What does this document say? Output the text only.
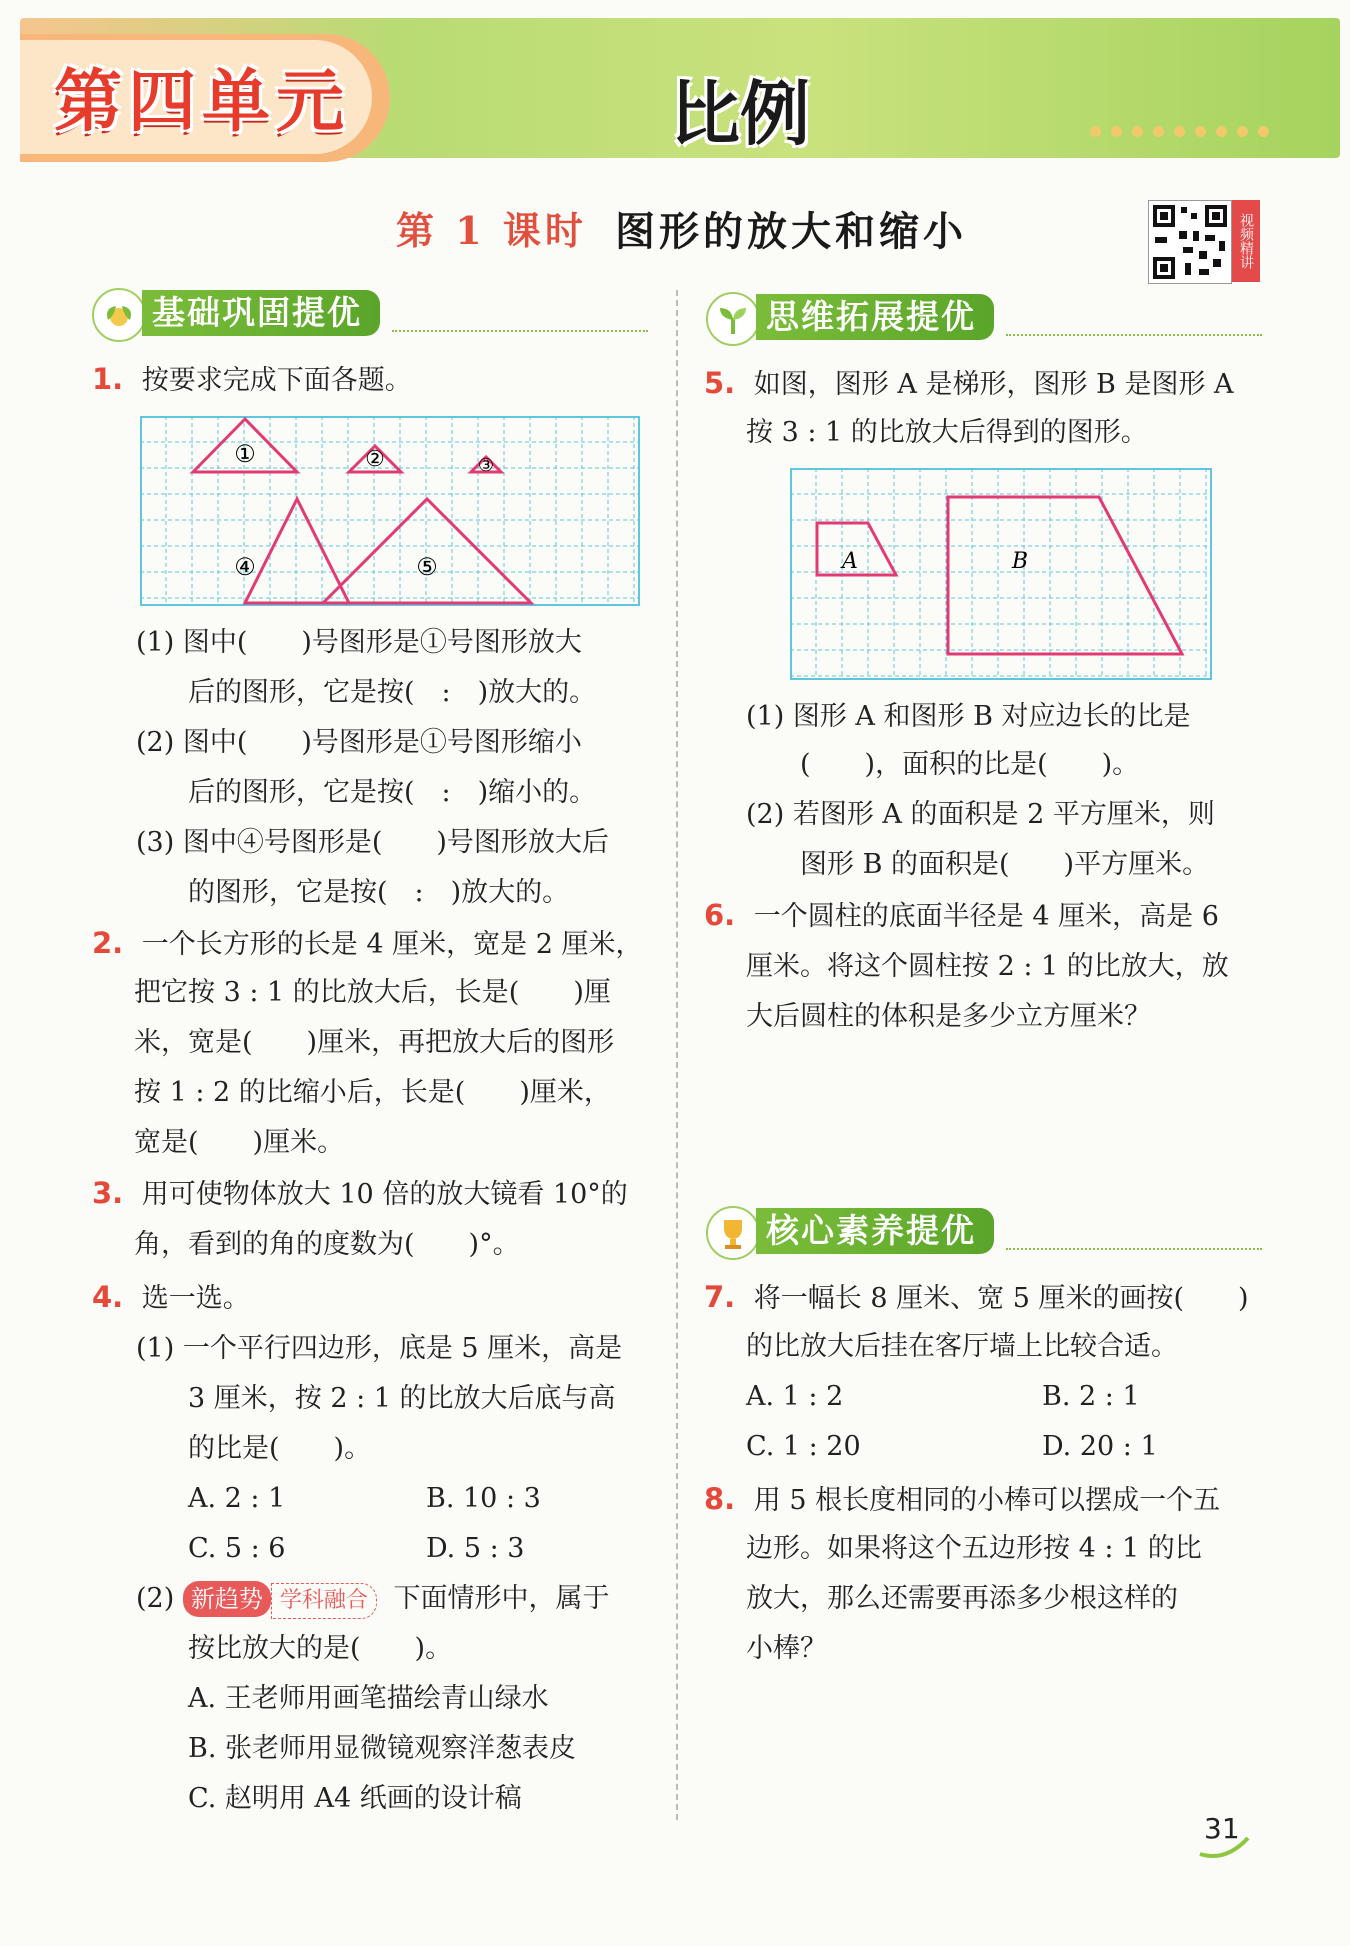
第四单元	比例
第 1 课时 图形的放大和缩小	视频精讲
基础巩固提优
1. 按要求完成下面各题。
①	②	③
④	⑤
(1) 图中(　　)号图形是①号图形放大
后的图形，它是按(　:　)放大的。
(2) 图中(　　)号图形是①号图形缩小
后的图形，它是按(　:　)缩小的。
(3) 图中④号图形是(　　)号图形放大后
的图形，它是按(　:　)放大的。
2. 一个长方形的长是 4 厘米，宽是 2 厘米，
把它按 3 : 1 的比放大后，长是(　　)厘
米，宽是(　　)厘米，再把放大后的图形
按 1 : 2 的比缩小后，长是(　　)厘米，
宽是(　　)厘米。
3. 用可使物体放大 10 倍的放大镜看 10°的
角，看到的角的度数为(　　)°。
4. 选一选。
(1) 一个平行四边形，底是 5 厘米，高是
3 厘米，按 2 : 1 的比放大后底与高
的比是(　　)。
A. 2 : 1	B. 10 : 3
C. 5 : 6	D. 5 : 3
(2) 新趋势 学科融合 下面情形中，属于
按比放大的是(　　)。
A. 王老师用画笔描绘青山绿水
B. 张老师用显微镜观察洋葱表皮
C. 赵明用 A4 纸画的设计稿
思维拓展提优
5. 如图，图形 A 是梯形，图形 B 是图形 A
按 3 : 1 的比放大后得到的图形。
A	B
(1) 图形 A 和图形 B 对应边长的比是
(　　)，面积的比是(　　)。
(2) 若图形 A 的面积是 2 平方厘米，则
图形 B 的面积是(　　)平方厘米。
6. 一个圆柱的底面半径是 4 厘米，高是 6
厘米。将这个圆柱按 2 : 1 的比放大，放
大后圆柱的体积是多少立方厘米？
核心素养提优
7. 将一幅长 8 厘米、宽 5 厘米的画按(　　)
的比放大后挂在客厅墙上比较合适。
A. 1 : 2	B. 2 : 1
C. 1 : 20	D. 20 : 1
8. 用 5 根长度相同的小棒可以摆成一个五
边形。如果将这个五边形按 4 : 1 的比
放大，那么还需要再添多少根这样的
小棒？
31
